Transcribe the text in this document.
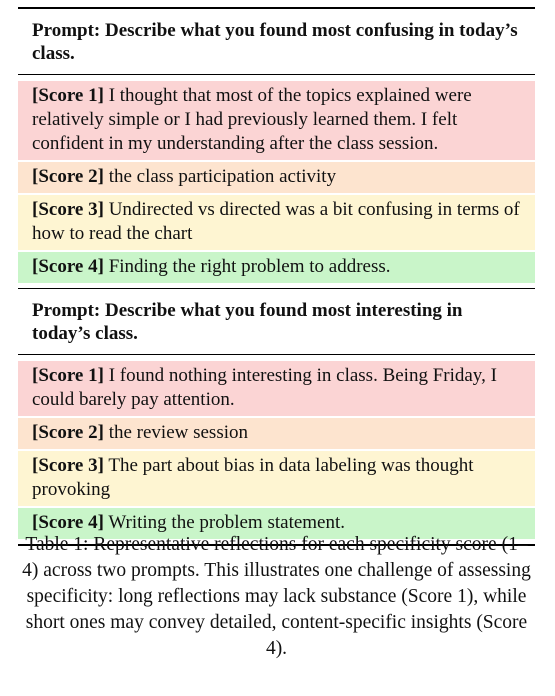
Prompt: Describe what you found most confusing in today’s class.

[Score 1] I thought that most of the topics explained were relatively simple or I had previously learned them. I felt confident in my understanding after the class session.

[Score 2] the class participation activity

[Score 3] Undirected vs directed was a bit confusing in terms of how to read the chart

[Score 4] Finding the right problem to address.

Prompt: Describe what you found most interesting in today’s class.

[Score 1] I found nothing interesting in class. Being Friday, I could barely pay attention.

[Score 2] the review session

[Score 3] The part about bias in data labeling was thought provoking

[Score 4] Writing the problem statement.

Table 1: Representative reflections for each specificity score (1–4) across two prompts. This illustrates one challenge of assessing specificity: long reflections may lack substance (Score 1), while short ones may convey detailed, content-specific insights (Score 4).
